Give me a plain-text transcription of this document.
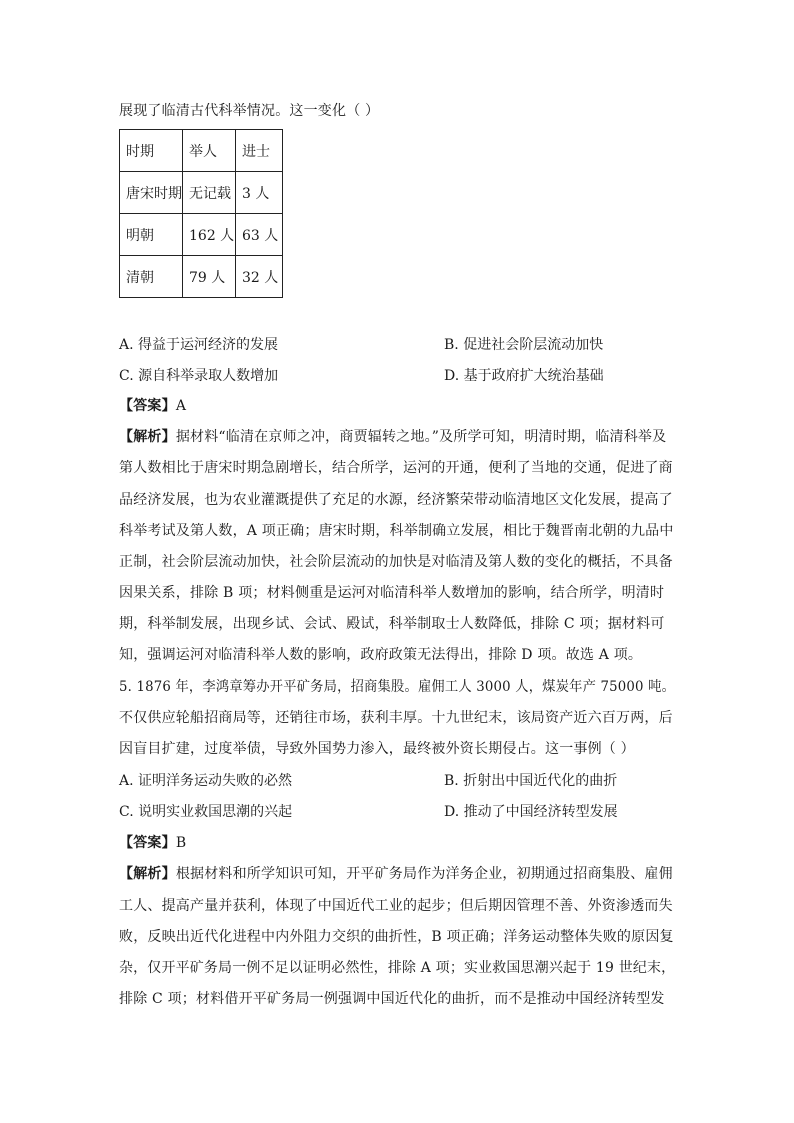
展现了临清古代科举情况。这一变化（ ）
时期	举人	进士
唐宋时期	无记载	3 人
明朝	162 人	63 人
清朝	79 人	32 人
A. 得益于运河经济的发展	B. 促进社会阶层流动加快
C. 源自科举录取人数增加	D. 基于政府扩大统治基础
【答案】A
【解析】据材料“临清在京师之冲，商贾辐转之地。”及所学可知，明清时期，临清科举及
第人数相比于唐宋时期急剧增长，结合所学，运河的开通，便利了当地的交通，促进了商
品经济发展，也为农业灌溉提供了充足的水源，经济繁荣带动临清地区文化发展，提高了
科举考试及第人数，A 项正确；唐宋时期，科举制确立发展，相比于魏晋南北朝的九品中
正制，社会阶层流动加快，社会阶层流动的加快是对临清及第人数的变化的概括，不具备
因果关系，排除 B 项；材料侧重是运河对临清科举人数增加的影响，结合所学，明清时
期，科举制发展，出现乡试、会试、殿试，科举制取士人数降低，排除 C 项；据材料可
知，强调运河对临清科举人数的影响，政府政策无法得出，排除 D 项。故选 A 项。
5. 1876 年，李鸿章筹办开平矿务局，招商集股。雇佣工人 3000 人，煤炭年产 75000 吨。
不仅供应轮船招商局等，还销往市场，获利丰厚。十九世纪末，该局资产近六百万两，后
因盲目扩建，过度举债，导致外国势力渗入，最终被外资长期侵占。这一事例（ ）
A. 证明洋务运动失败的必然	B. 折射出中国近代化的曲折
C. 说明实业救国思潮的兴起	D. 推动了中国经济转型发展
【答案】B
【解析】根据材料和所学知识可知，开平矿务局作为洋务企业，初期通过招商集股、雇佣
工人、提高产量并获利，体现了中国近代工业的起步；但后期因管理不善、外资渗透而失
败，反映出近代化进程中内外阻力交织的曲折性，B 项正确；洋务运动整体失败的原因复
杂，仅开平矿务局一例不足以证明必然性，排除 A 项；实业救国思潮兴起于 19 世纪末，
排除 C 项；材料借开平矿务局一例强调中国近代化的曲折，而不是推动中国经济转型发
